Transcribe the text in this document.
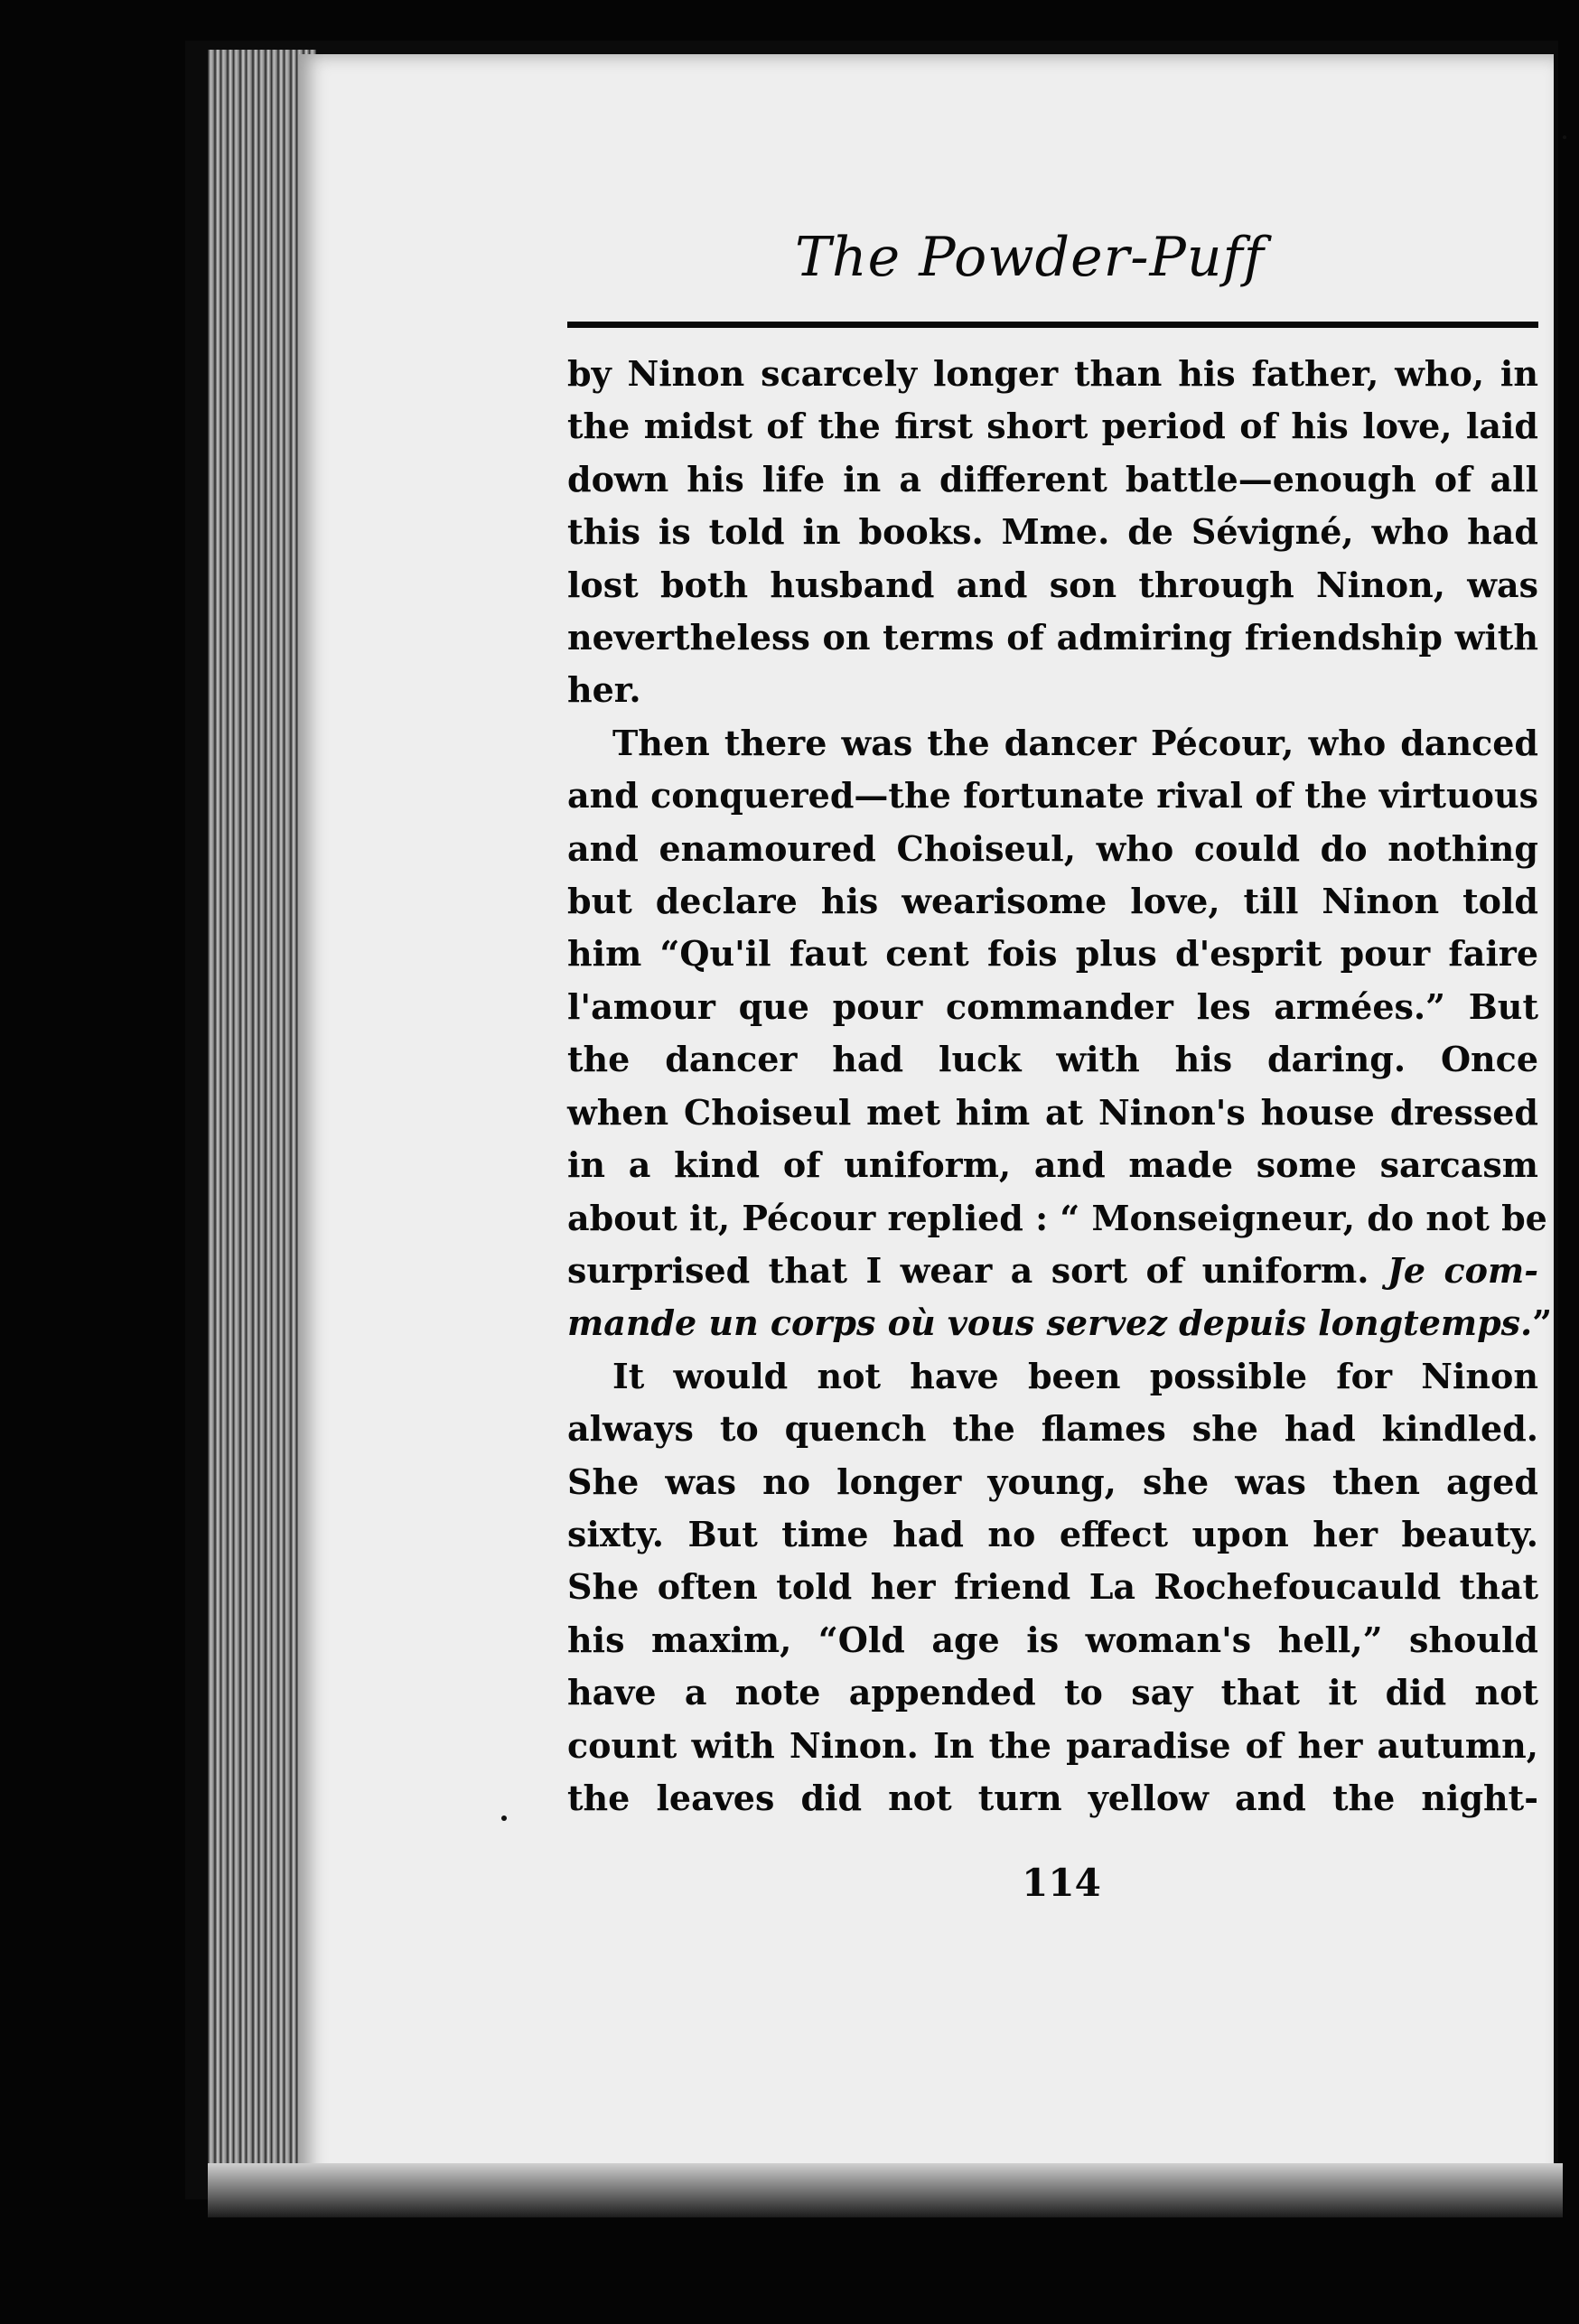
The Powder-Puff
by Ninon scarcely longer than his father, who, in
the midst of the first short period of his love, laid
down his life in a different battle—enough of all
this is told in books. Mme. de Sévigné, who had
lost both husband and son through Ninon, was
nevertheless on terms of admiring friendship with
her.
Then there was the dancer Pécour, who danced
and conquered—the fortunate rival of the virtuous
and enamoured Choiseul, who could do nothing
but declare his wearisome love, till Ninon told
him “Qu'il faut cent fois plus d'esprit pour faire
l'amour que pour commander les armées.” But
the dancer had luck with his daring. Once
when Choiseul met him at Ninon's house dressed
in a kind of uniform, and made some sarcasm
about it, Pécour replied : “ Monseigneur, do not be
surprised that I wear a sort of uniform. Je com-
mande un corps où vous servez depuis longtemps.”
It would not have been possible for Ninon
always to quench the flames she had kindled.
She was no longer young, she was then aged
sixty. But time had no effect upon her beauty.
She often told her friend La Rochefoucauld that
his maxim, “Old age is woman's hell,” should
have a note appended to say that it did not
count with Ninon. In the paradise of her autumn,
the leaves did not turn yellow and the night-
114
